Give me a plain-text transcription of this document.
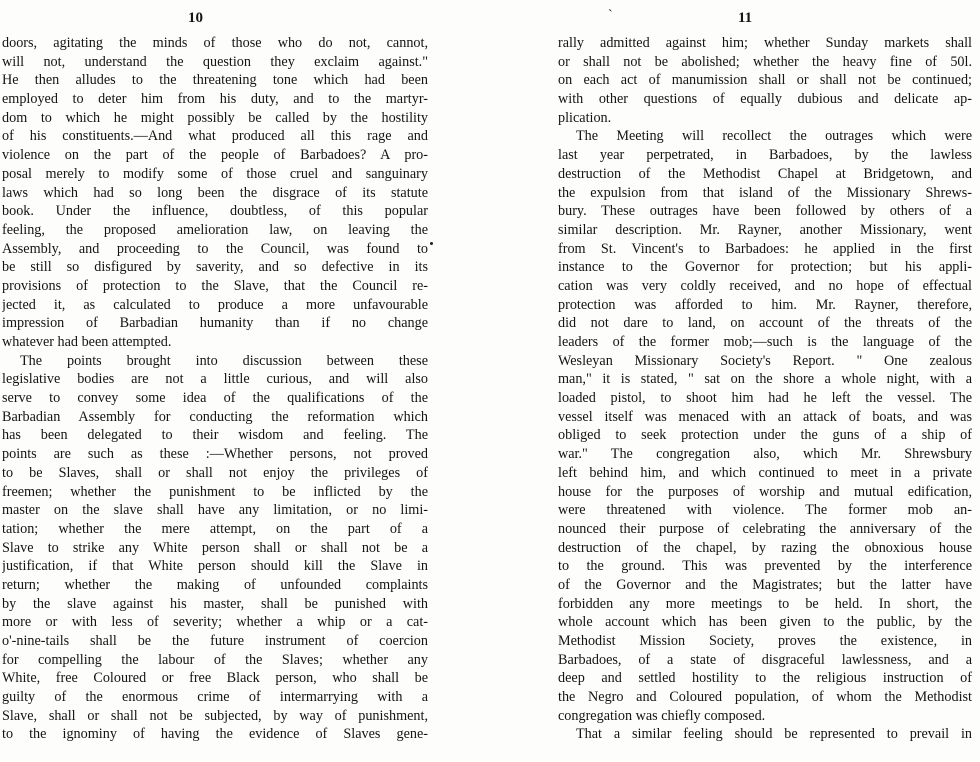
10
doors, agitating the minds of those who do not, cannot,
will not, understand the question they exclaim against."
He then alludes to the threatening tone which had been
employed to deter him from his duty, and to the martyr-
dom to which he might possibly be called by the hostility
of his constituents.—And what produced all this rage and
violence on the part of the people of Barbadoes? A pro-
posal merely to modify some of those cruel and sanguinary
laws which had so long been the disgrace of its statute
book. Under the influence, doubtless, of this popular
feeling, the proposed amelioration law, on leaving the
Assembly, and proceeding to the Council, was found to
be still so disfigured by saverity, and so defective in its
provisions of protection to the Slave, that the Council re-
jected it, as calculated to produce a more unfavourable
impression of Barbadian humanity than if no change
whatever had been attempted.
The points brought into discussion between these
legislative bodies are not a little curious, and will also
serve to convey some idea of the qualifications of the
Barbadian Assembly for conducting the reformation which
has been delegated to their wisdom and feeling. The
points are such as these :—Whether persons, not proved
to be Slaves, shall or shall not enjoy the privileges of
freemen; whether the punishment to be inflicted by the
master on the slave shall have any limitation, or no limi-
tation; whether the mere attempt, on the part of a
Slave to strike any White person shall or shall not be a
justification, if that White person should kill the Slave in
return; whether the making of unfounded complaints
by the slave against his master, shall be punished with
more or with less of severity; whether a whip or a cat-
o'-nine-tails shall be the future instrument of coercion
for compelling the labour of the Slaves; whether any
White, free Coloured or free Black person, who shall be
guilty of the enormous crime of intermarrying with a
Slave, shall or shall not be subjected, by way of punishment,
to the ignominy of having the evidence of Slaves gene-
ˋ	11
rally admitted against him; whether Sunday markets shall
or shall not be abolished; whether the heavy fine of 50l.
on each act of manumission shall or shall not be continued;
with other questions of equally dubious and delicate ap-
plication.
The Meeting will recollect the outrages which were
last year perpetrated, in Barbadoes, by the lawless
destruction of the Methodist Chapel at Bridgetown, and
the expulsion from that island of the Missionary Shrews-
bury. These outrages have been followed by others of a
similar description. Mr. Rayner, another Missionary, went
from St. Vincent's to Barbadoes: he applied in the first
instance to the Governor for protection; but his appli-
cation was very coldly received, and no hope of effectual
protection was afforded to him. Mr. Rayner, therefore,
did not dare to land, on account of the threats of the
leaders of the former mob;—such is the language of the
Wesleyan Missionary Society's Report. " One zealous
man," it is stated, " sat on the shore a whole night, with a
loaded pistol, to shoot him had he left the vessel. The
vessel itself was menaced with an attack of boats, and was
obliged to seek protection under the guns of a ship of
war." The congregation also, which Mr. Shrewsbury
left behind him, and which continued to meet in a private
house for the purposes of worship and mutual edification,
were threatened with violence. The former mob an-
nounced their purpose of celebrating the anniversary of the
destruction of the chapel, by razing the obnoxious house
to the ground. This was prevented by the interference
of the Governor and the Magistrates; but the latter have
forbidden any more meetings to be held. In short, the
whole account which has been given to the public, by the
Methodist Mission Society, proves the existence, in
Barbadoes, of a state of disgraceful lawlessness, and a
deep and settled hostility to the religious instruction of
the Negro and Coloured population, of whom the Methodist
congregation was chiefly composed.
That a similar feeling should be represented to prevail in
